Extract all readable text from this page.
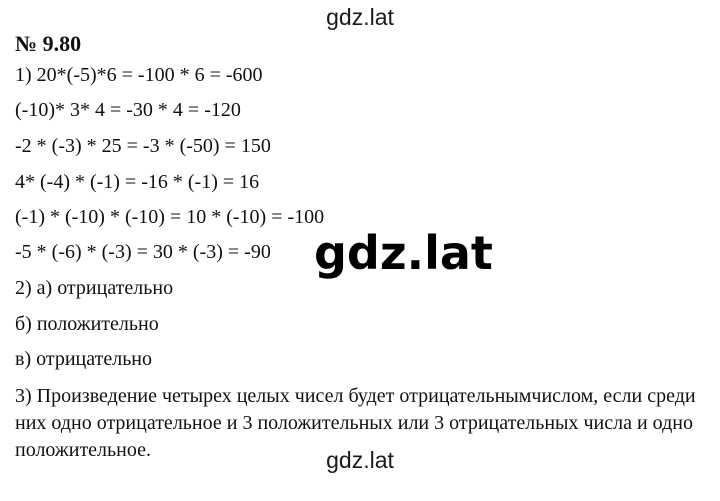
gdz.lat
№ 9.80
1) 20*(-5)*6 = -100 * 6 = -600
(-10)* 3* 4 = -30 * 4 = -120
-2 * (-3) * 25 = -3 * (-50) = 150
4* (-4) * (-1) = -16 * (-1) = 16
(-1) * (-10) * (-10) = 10 * (-10) = -100
-5 * (-6) * (-3) = 30 * (-3) = -90
2) а) отрицательно
б) положительно
в) отрицательно
3) Произведение четырех целых чисел будет отрицательнымчислом, если среди них одно отрицательное и 3 положительных или 3 отрицательных числа и одно положительное.
gdz.lat
gdz.lat
